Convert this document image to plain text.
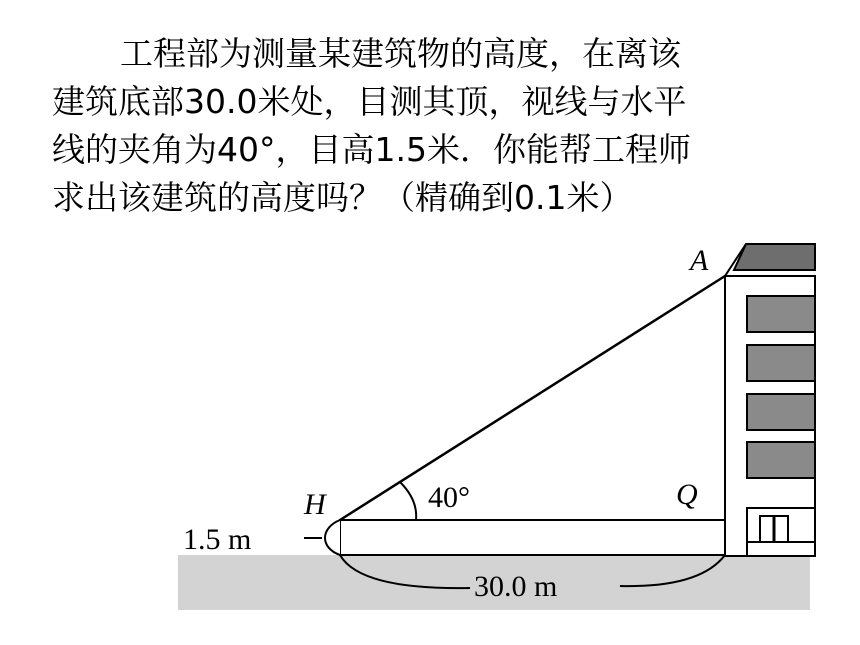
工程部为测量某建筑物的高度，在离该
建筑底部30.0米处，目测其顶，视线与水平
线的夹角为40°，目高1.5米．你能帮工程师
求出该建筑的高度吗？（精确到0.1米）
A
H	Q
40°
1.5 m
30.0 m
